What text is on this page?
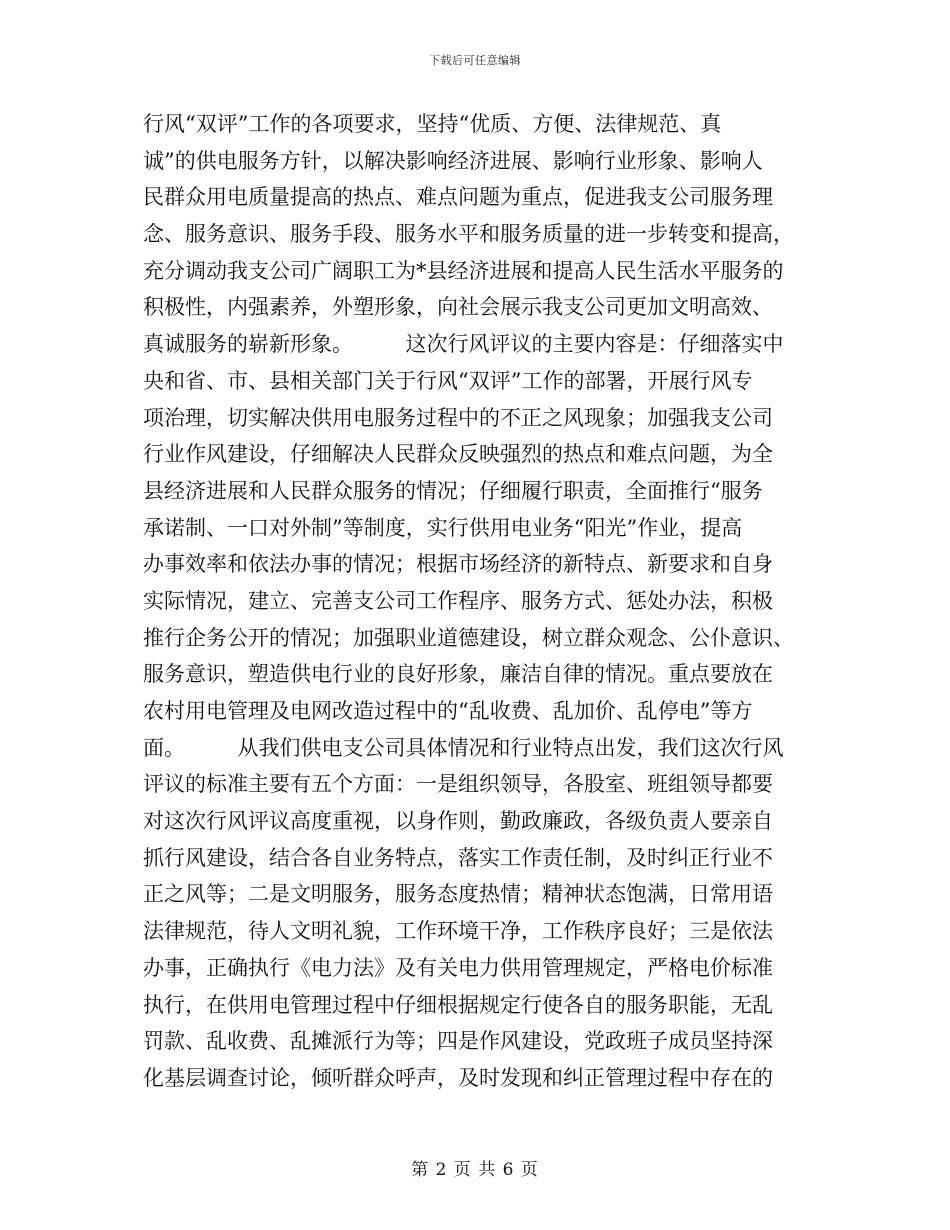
下载后可任意编辑
行风“双评”工作的各项要求，坚持“优质、方便、法律规范、真
诚”的供电服务方针，以解决影响经济进展、影响行业形象、影响人
民群众用电质量提高的热点、难点问题为重点，促进我支公司服务理
念、服务意识、服务手段、服务水平和服务质量的进一步转变和提高，
充分调动我支公司广阔职工为*县经济进展和提高人民生活水平服务的
积极性，内强素养，外塑形象，向社会展示我支公司更加文明高效、
真诚服务的崭新形象。　　　这次行风评议的主要内容是：仔细落实中
央和省、市、县相关部门关于行风“双评”工作的部署，开展行风专
项治理，切实解决供用电服务过程中的不正之风现象；加强我支公司
行业作风建设，仔细解决人民群众反映强烈的热点和难点问题，为全
县经济进展和人民群众服务的情况；仔细履行职责，全面推行“服务
承诺制、一口对外制”等制度，实行供用电业务“阳光”作业，提高
办事效率和依法办事的情况；根据市场经济的新特点、新要求和自身
实际情况，建立、完善支公司工作程序、服务方式、惩处办法，积极
推行企务公开的情况；加强职业道德建设，树立群众观念、公仆意识、
服务意识，塑造供电行业的良好形象，廉洁自律的情况。重点要放在
农村用电管理及电网改造过程中的“乱收费、乱加价、乱停电”等方
面。　　　从我们供电支公司具体情况和行业特点出发，我们这次行风
评议的标准主要有五个方面：一是组织领导，各股室、班组领导都要
对这次行风评议高度重视，以身作则，勤政廉政，各级负责人要亲自
抓行风建设，结合各自业务特点，落实工作责任制，及时纠正行业不
正之风等；二是文明服务，服务态度热情；精神状态饱满，日常用语
法律规范，待人文明礼貌，工作环境干净，工作秩序良好；三是依法
办事，正确执行《电力法》及有关电力供用管理规定，严格电价标准
执行，在供用电管理过程中仔细根据规定行使各自的服务职能，无乱
罚款、乱收费、乱摊派行为等；四是作风建设，党政班子成员坚持深
化基层调查讨论，倾听群众呼声，及时发现和纠正管理过程中存在的
第 2 页 共 6 页
